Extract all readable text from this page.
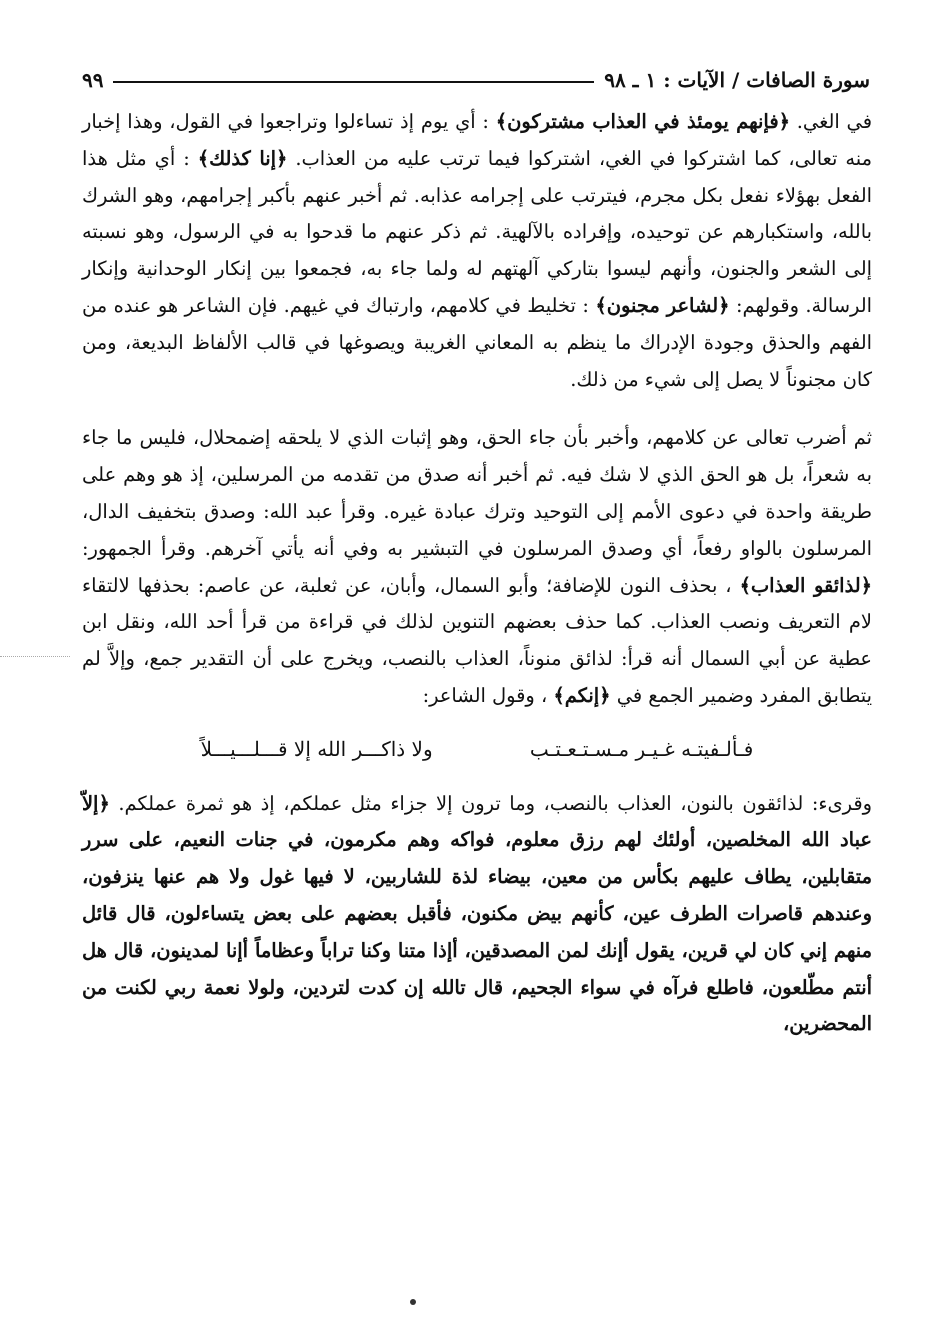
سورة الصافات / الآيات : ١ ـ ٩٨
٩٩

في الغي. ﴿فإنهم يومئذ في العذاب مشتركون﴾ : أي يوم إذ تساءلوا وتراجعوا في القول، وهذا إخبار منه تعالى، كما اشتركوا في الغي، اشتركوا فيما ترتب عليه من العذاب. ﴿إنا كذلك﴾ : أي مثل هذا الفعل بهؤلاء نفعل بكل مجرم، فيترتب على إجرامه عذابه. ثم أخبر عنهم بأكبر إجرامهم، وهو الشرك بالله، واستكبارهم عن توحيده، وإفراده بالآلهية. ثم ذكر عنهم ما قدحوا به في الرسول، وهو نسبته إلى الشعر والجنون، وأنهم ليسوا بتاركي آلهتهم له ولما جاء به، فجمعوا بين إنكار الوحدانية وإنكار الرسالة. وقولهم: ﴿لشاعر مجنون﴾ : تخليط في كلامهم، وارتباك في غيهم. فإن الشاعر هو عنده من الفهم والحذق وجودة الإدراك ما ينظم به المعاني الغريبة ويصوغها في قالب الألفاظ البديعة، ومن كان مجنوناً لا يصل إلى شيء من ذلك.

ثم أضرب تعالى عن كلامهم، وأخبر بأن جاء الحق، وهو إثبات الذي لا يلحقه إضمحلال، فليس ما جاء به شعراً، بل هو الحق الذي لا شك فيه. ثم أخبر أنه صدق من تقدمه من المرسلين، إذ هو وهم على طريقة واحدة في دعوى الأمم إلى التوحيد وترك عبادة غيره. وقرأ عبد الله: وصدق بتخفيف الدال، المرسلون بالواو رفعاً، أي وصدق المرسلون في التبشير به وفي أنه يأتي آخرهم. وقرأ الجمهور: ﴿لذائقو العذاب﴾ ، بحذف النون للإضافة؛ وأبو السمال، وأبان، عن ثعلبة، عن عاصم: بحذفها لالتقاء لام التعريف ونصب العذاب. كما حذف بعضهم التنوين لذلك في قراءة من قرأ أحد الله، ونقل ابن عطية عن أبي السمال أنه قرأ: لذائق منوناً، العذاب بالنصب، ويخرج على أن التقدير جمع، وإلاَّ لم يتطابق المفرد وضمير الجمع في ﴿إنكم﴾ ، وقول الشاعر:

فـألـفيتـه غـيـر مـسـتـعـتـب
ولا ذاكـــر الله إلا قـــلـــيـــلاً

وقرىء: لذائقون بالنون، العذاب بالنصب، وما ترون إلا جزاء مثل عملكم، إذ هو ثمرة عملكم. ﴿إلاّ عباد الله المخلصين، أولئك لهم رزق معلوم، فواكه وهم مكرمون، في جنات النعيم، على سرر متقابلين، يطاف عليهم بكأس من معين، بيضاء لذة للشاربين، لا فيها غول ولا هم عنها ينزفون، وعندهم قاصرات الطرف عين، كأنهم بيض مكنون، فأقبل بعضهم على بعض يتساءلون، قال قائل منهم إني كان لي قرين، يقول أإنك لمن المصدقين، أإذا متنا وكنا تراباً وعظاماً أإنا لمدينون، قال هل أنتم مطّلعون، فاطلع فرآه في سواء الجحيم، قال تالله إن كدت لتردين، ولولا نعمة ربي لكنت من المحضرين،
